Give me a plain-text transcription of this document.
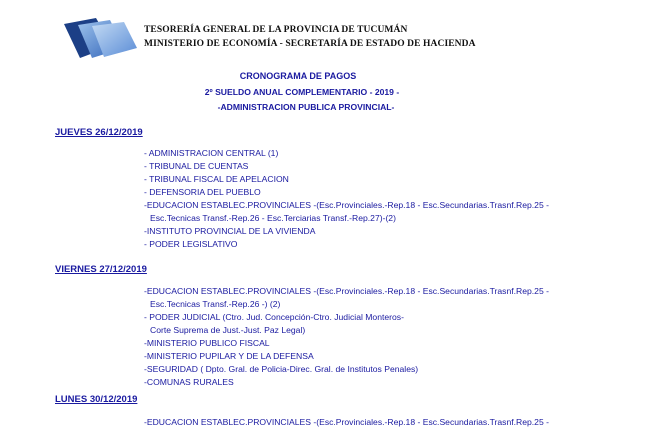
TESORERÍA GENERAL DE LA PROVINCIA DE TUCUMÁN
MINISTERIO DE ECONOMÍA - SECRETARÍA DE ESTADO DE HACIENDA
CRONOGRAMA DE PAGOS
2º SUELDO ANUAL COMPLEMENTARIO - 2019 -
-ADMINISTRACION PUBLICA PROVINCIAL-
JUEVES 26/12/2019
- ADMINISTRACION CENTRAL (1)
- TRIBUNAL DE CUENTAS
- TRIBUNAL FISCAL DE APELACION
- DEFENSORIA DEL PUEBLO
-EDUCACION ESTABLEC.PROVINCIALES -(Esc.Provinciales.-Rep.18 - Esc.Secundarias.Trasnf.Rep.25 -
Esc.Tecnicas Transf.-Rep.26 - Esc.Terciarias Transf.-Rep.27)-(2)
-INSTITUTO PROVINCIAL DE LA VIVIENDA
- PODER LEGISLATIVO
VIERNES 27/12/2019
-EDUCACION ESTABLEC.PROVINCIALES -(Esc.Provinciales.-Rep.18 - Esc.Secundarias.Trasnf.Rep.25 -
Esc.Tecnicas Transf.-Rep.26 -) (2)
- PODER JUDICIAL (Ctro. Jud. Concepción-Ctro. Judicial Monteros-
Corte Suprema de Just.-Just. Paz Legal)
-MINISTERIO PUBLICO FISCAL
-MINISTERIO PUPILAR Y DE LA DEFENSA
-SEGURIDAD ( Dpto. Gral. de Policia-Direc. Gral. de Institutos Penales)
-COMUNAS RURALES
LUNES 30/12/2019
-EDUCACION ESTABLEC.PROVINCIALES -(Esc.Provinciales.-Rep.18 - Esc.Secundarias.Trasnf.Rep.25 -
